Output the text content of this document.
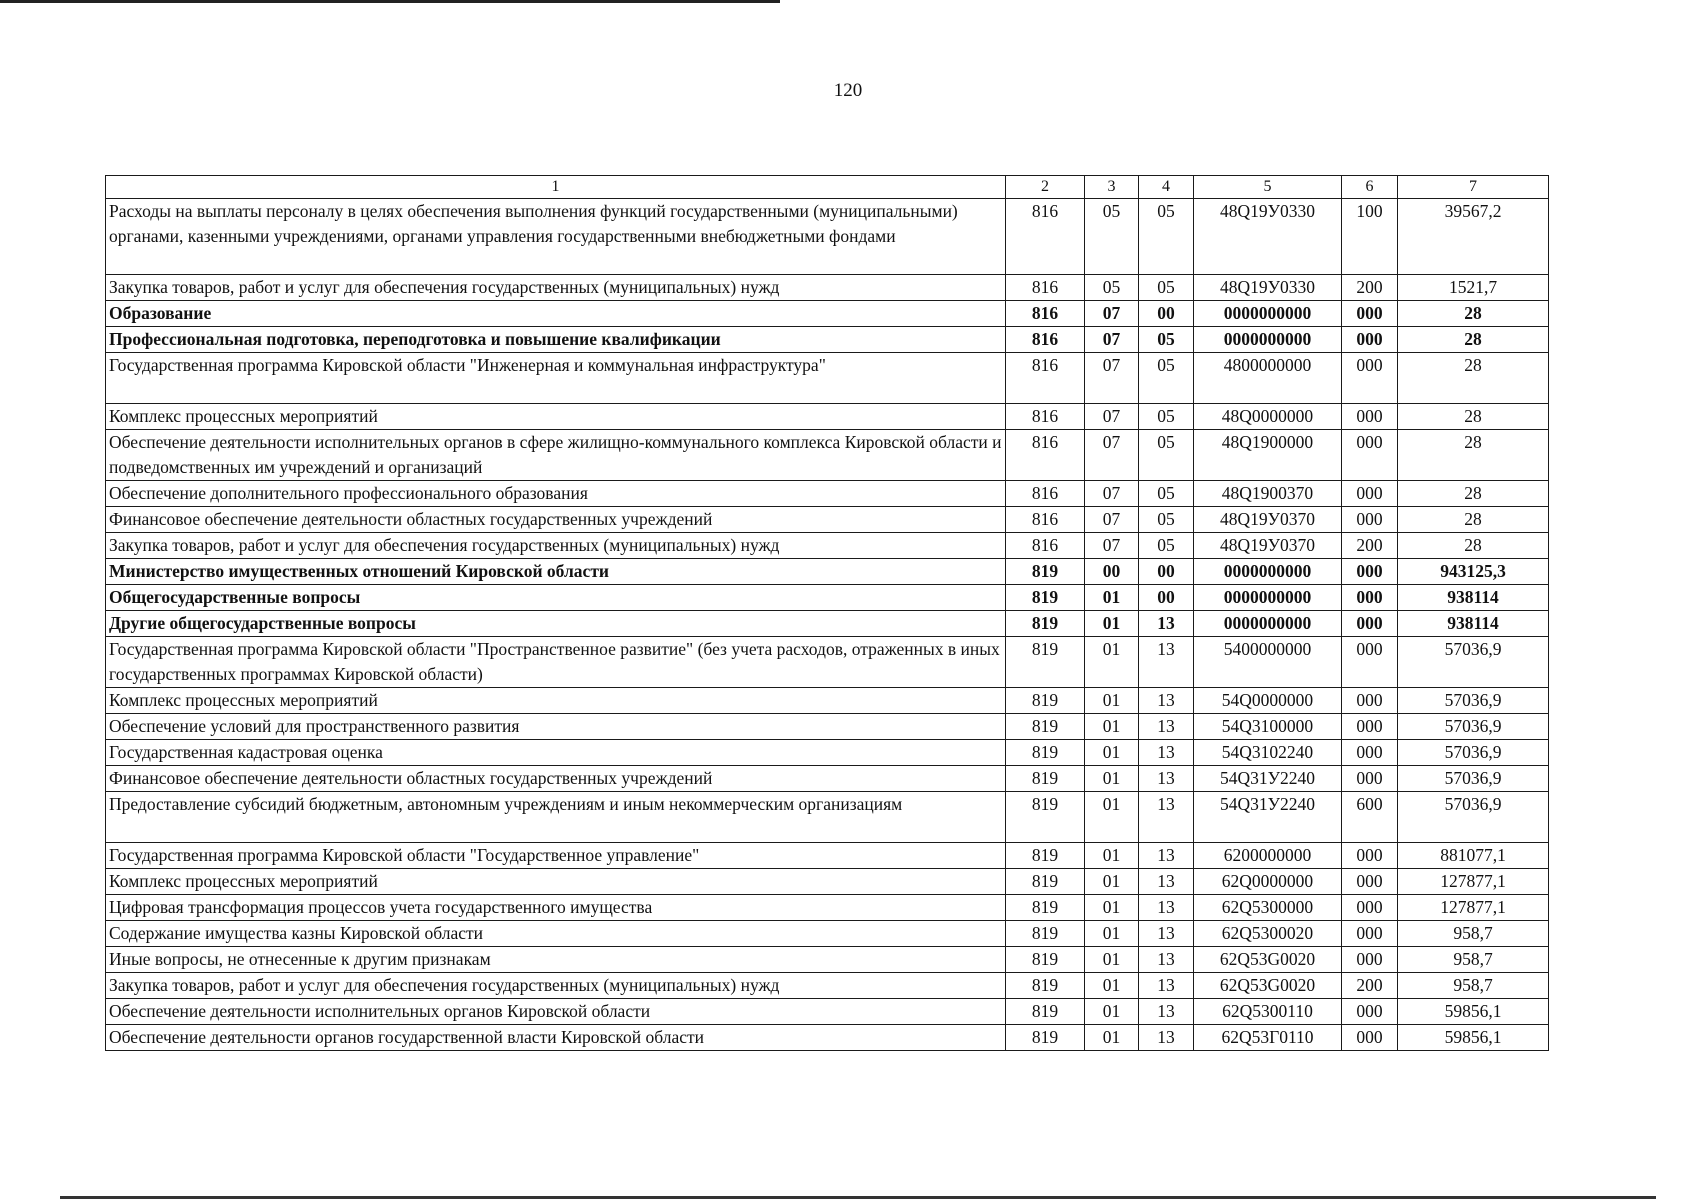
120
1	2	3	4	5	6	7
Расходы на выплаты персоналу в целях обеспечения выполнения функций государственными (муниципальными) органами, казенными учреждениями, органами управления государственными внебюджетными фондами	816	05	05	48Q19У0330	100	39567,2
Закупка товаров, работ и услуг для обеспечения государственных (муниципальных) нужд	816	05	05	48Q19У0330	200	1521,7
Образование	816	07	00	0000000000	000	28
Профессиональная подготовка, переподготовка и повышение квалификации	816	07	05	0000000000	000	28
Государственная программа Кировской области "Инженерная и коммунальная инфраструктура"	816	07	05	4800000000	000	28
Комплекс процессных мероприятий	816	07	05	48Q0000000	000	28
Обеспечение деятельности исполнительных органов в сфере жилищно-коммунального комплекса Кировской области и подведомственных им учреждений и организаций	816	07	05	48Q1900000	000	28
Обеспечение дополнительного профессионального образования	816	07	05	48Q1900370	000	28
Финансовое обеспечение деятельности областных государственных учреждений	816	07	05	48Q19У0370	000	28
Закупка товаров, работ и услуг для обеспечения государственных (муниципальных) нужд	816	07	05	48Q19У0370	200	28
Министерство имущественных отношений Кировской области	819	00	00	0000000000	000	943125,3
Общегосударственные вопросы	819	01	00	0000000000	000	938114
Другие общегосударственные вопросы	819	01	13	0000000000	000	938114
Государственная программа Кировской области "Пространственное развитие" (без учета расходов, отраженных в иных государственных программах Кировской области)	819	01	13	5400000000	000	57036,9
Комплекс процессных мероприятий	819	01	13	54Q0000000	000	57036,9
Обеспечение условий для пространственного развития	819	01	13	54Q3100000	000	57036,9
Государственная кадастровая оценка	819	01	13	54Q3102240	000	57036,9
Финансовое обеспечение деятельности областных государственных учреждений	819	01	13	54Q31У2240	000	57036,9
Предоставление субсидий бюджетным, автономным учреждениям и иным некоммерческим организациям	819	01	13	54Q31У2240	600	57036,9
Государственная программа Кировской области "Государственное управление"	819	01	13	6200000000	000	881077,1
Комплекс процессных мероприятий	819	01	13	62Q0000000	000	127877,1
Цифровая трансформация процессов учета государственного имущества	819	01	13	62Q5300000	000	127877,1
Содержание имущества казны Кировской области	819	01	13	62Q5300020	000	958,7
Иные вопросы, не отнесенные к другим признакам	819	01	13	62Q53G0020	000	958,7
Закупка товаров, работ и услуг для обеспечения государственных (муниципальных) нужд	819	01	13	62Q53G0020	200	958,7
Обеспечение деятельности исполнительных органов Кировской области	819	01	13	62Q5300110	000	59856,1
Обеспечение деятельности органов государственной власти Кировской области	819	01	13	62Q53Г0110	000	59856,1
